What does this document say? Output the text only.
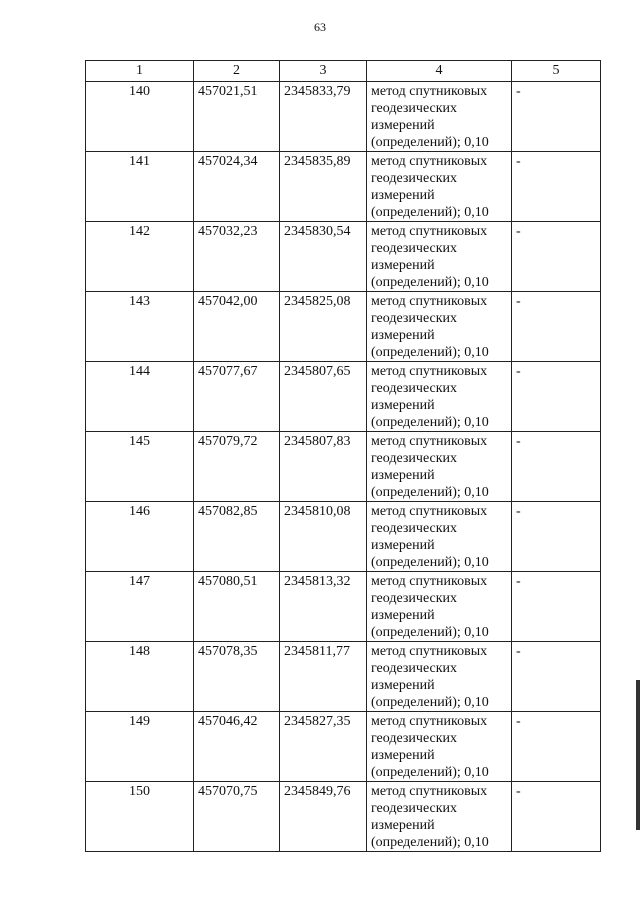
63
1	2	3	4	5
140	457021,51	2345833,79	метод спутниковых
геодезических
измерений
(определений); 0,10	-
141	457024,34	2345835,89	метод спутниковых
геодезических
измерений
(определений); 0,10	-
142	457032,23	2345830,54	метод спутниковых
геодезических
измерений
(определений); 0,10	-
143	457042,00	2345825,08	метод спутниковых
геодезических
измерений
(определений); 0,10	-
144	457077,67	2345807,65	метод спутниковых
геодезических
измерений
(определений); 0,10	-
145	457079,72	2345807,83	метод спутниковых
геодезических
измерений
(определений); 0,10	-
146	457082,85	2345810,08	метод спутниковых
геодезических
измерений
(определений); 0,10	-
147	457080,51	2345813,32	метод спутниковых
геодезических
измерений
(определений); 0,10	-
148	457078,35	2345811,77	метод спутниковых
геодезических
измерений
(определений); 0,10	-
149	457046,42	2345827,35	метод спутниковых
геодезических
измерений
(определений); 0,10	-
150	457070,75	2345849,76	метод спутниковых
геодезических
измерений
(определений); 0,10	-
